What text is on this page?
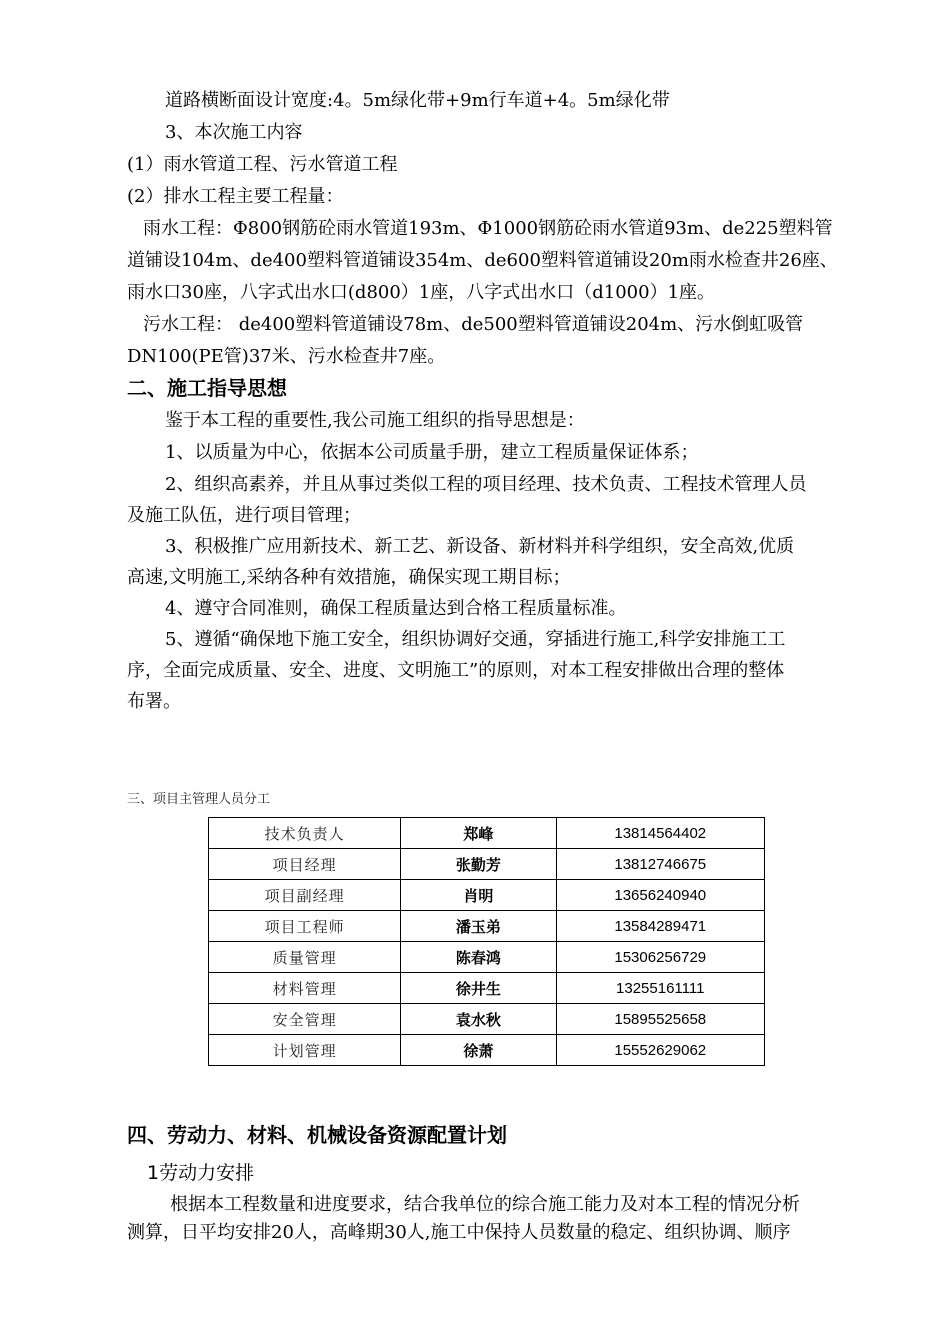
道路横断面设计宽度:4。5m绿化带+9m行车道+4。5m绿化带
3、本次施工内容
(1）雨水管道工程、污水管道工程
(2）排水工程主要工程量：
雨水工程：Φ800钢筋砼雨水管道193m、Φ1000钢筋砼雨水管道93m、de225塑料管
道铺设104m、de400塑料管道铺设354m、de600塑料管道铺设20m雨水检查井26座、
雨水口30座，八字式出水口(d800）1座，八字式出水口（d1000）1座。
污水工程： de400塑料管道铺设78m、de500塑料管道铺设204m、污水倒虹吸管
DN100(PE管)37米、污水检查井7座。
二、施工指导思想
鉴于本工程的重要性,我公司施工组织的指导思想是：
1、以质量为中心，依据本公司质量手册，建立工程质量保证体系；
2、组织高素养，并且从事过类似工程的项目经理、技术负责、工程技术管理人员
及施工队伍，进行项目管理；
3、积极推广应用新技术、新工艺、新设备、新材料并科学组织，安全高效,优质
高速,文明施工,采纳各种有效措施，确保实现工期目标；
4、遵守合同准则，确保工程质量达到合格工程质量标准。
5、遵循“确保地下施工安全，组织协调好交通，穿插进行施工,科学安排施工工
序，全面完成质量、安全、进度、文明施工”的原则，对本工程安排做出合理的整体
布署。
三、项目主管理人员分工
技术负责人	郑峰	13814564402
项目经理	张勤芳	13812746675
项目副经理	肖明	13656240940
项目工程师	潘玉弟	13584289471
质量管理	陈春鸿	15306256729
材料管理	徐井生	13255161111
安全管理	袁水秋	15895525658
计划管理	徐萧	15552629062
四、劳动力、材料、机械设备资源配置计划
1劳动力安排
根据本工程数量和进度要求，结合我单位的综合施工能力及对本工程的情况分析
测算，日平均安排20人，高峰期30人,施工中保持人员数量的稳定、组织协调、顺序
